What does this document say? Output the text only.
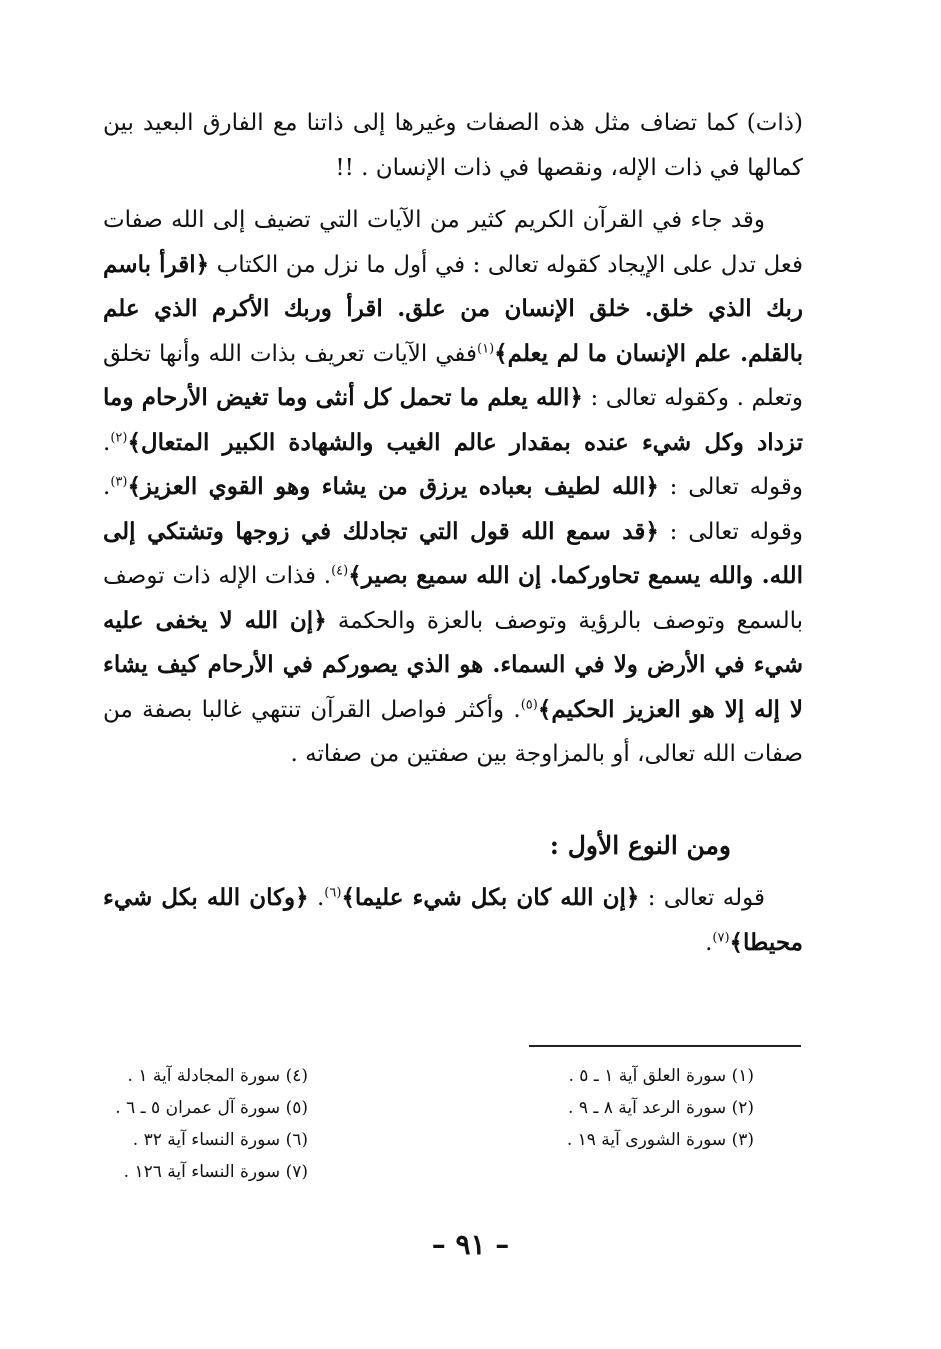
(ذات) كما تضاف مثل هذه الصفات وغيرها إلى ذاتنا مع الفارق البعيد بين كمالها في ذات الإله، ونقصها في ذات الإنسان . !!

وقد جاء في القرآن الكريم كثير من الآيات التي تضيف إلى الله صفات فعل تدل على الإيجاد كقوله تعالى : في أول ما نزل من الكتاب ﴿اقرأ باسم ربك الذي خلق. خلق الإنسان من علق. اقرأ وربك الأكرم الذي علم بالقلم. علم الإنسان ما لم يعلم﴾$^{(١)}$ففي الآيات تعريف بذات الله وأنها تخلق وتعلم . وكقوله تعالى : ﴿الله يعلم ما تحمل كل أنثى وما تغيض الأرحام وما تزداد وكل شيء عنده بمقدار عالم الغيب والشهادة الكبير المتعال﴾$^{(٢)}$. وقوله تعالى : ﴿الله لطيف بعباده يرزق من يشاء وهو القوي العزيز﴾$^{(٣)}$. وقوله تعالى : ﴿قد سمع الله قول التي تجادلك في زوجها وتشتكي إلى الله. والله يسمع تحاوركما. إن الله سميع بصير﴾$^{(٤)}$. فذات الإله ذات توصف بالسمع وتوصف بالرؤية وتوصف بالعزة والحكمة ﴿إن الله لا يخفى عليه شيء في الأرض ولا في السماء. هو الذي يصوركم في الأرحام كيف يشاء لا إله إلا هو العزيز الحكيم﴾$^{(٥)}$. وأكثر فواصل القرآن تنتهي غالبا بصفة من صفات الله تعالى، أو بالمزاوجة بين صفتين من صفاته .

ومن النوع الأول :

قوله تعالى : ﴿إن الله كان بكل شيء عليما﴾$^{(٦)}$. ﴿وكان الله بكل شيء محيطا﴾$^{(٧)}$.

(١) سورة العلق آية ١ ـ ٥ .
(٢) سورة الرعد آية ٨ ـ ٩ .
(٣) سورة الشورى آية ١٩ .
(٤) سورة المجادلة آية ١ .
(٥) سورة آل عمران ٥ ـ ٦ .
(٦) سورة النساء آية ٣٢ .
(٧) سورة النساء آية ١٢٦ .
– ٩١ –
